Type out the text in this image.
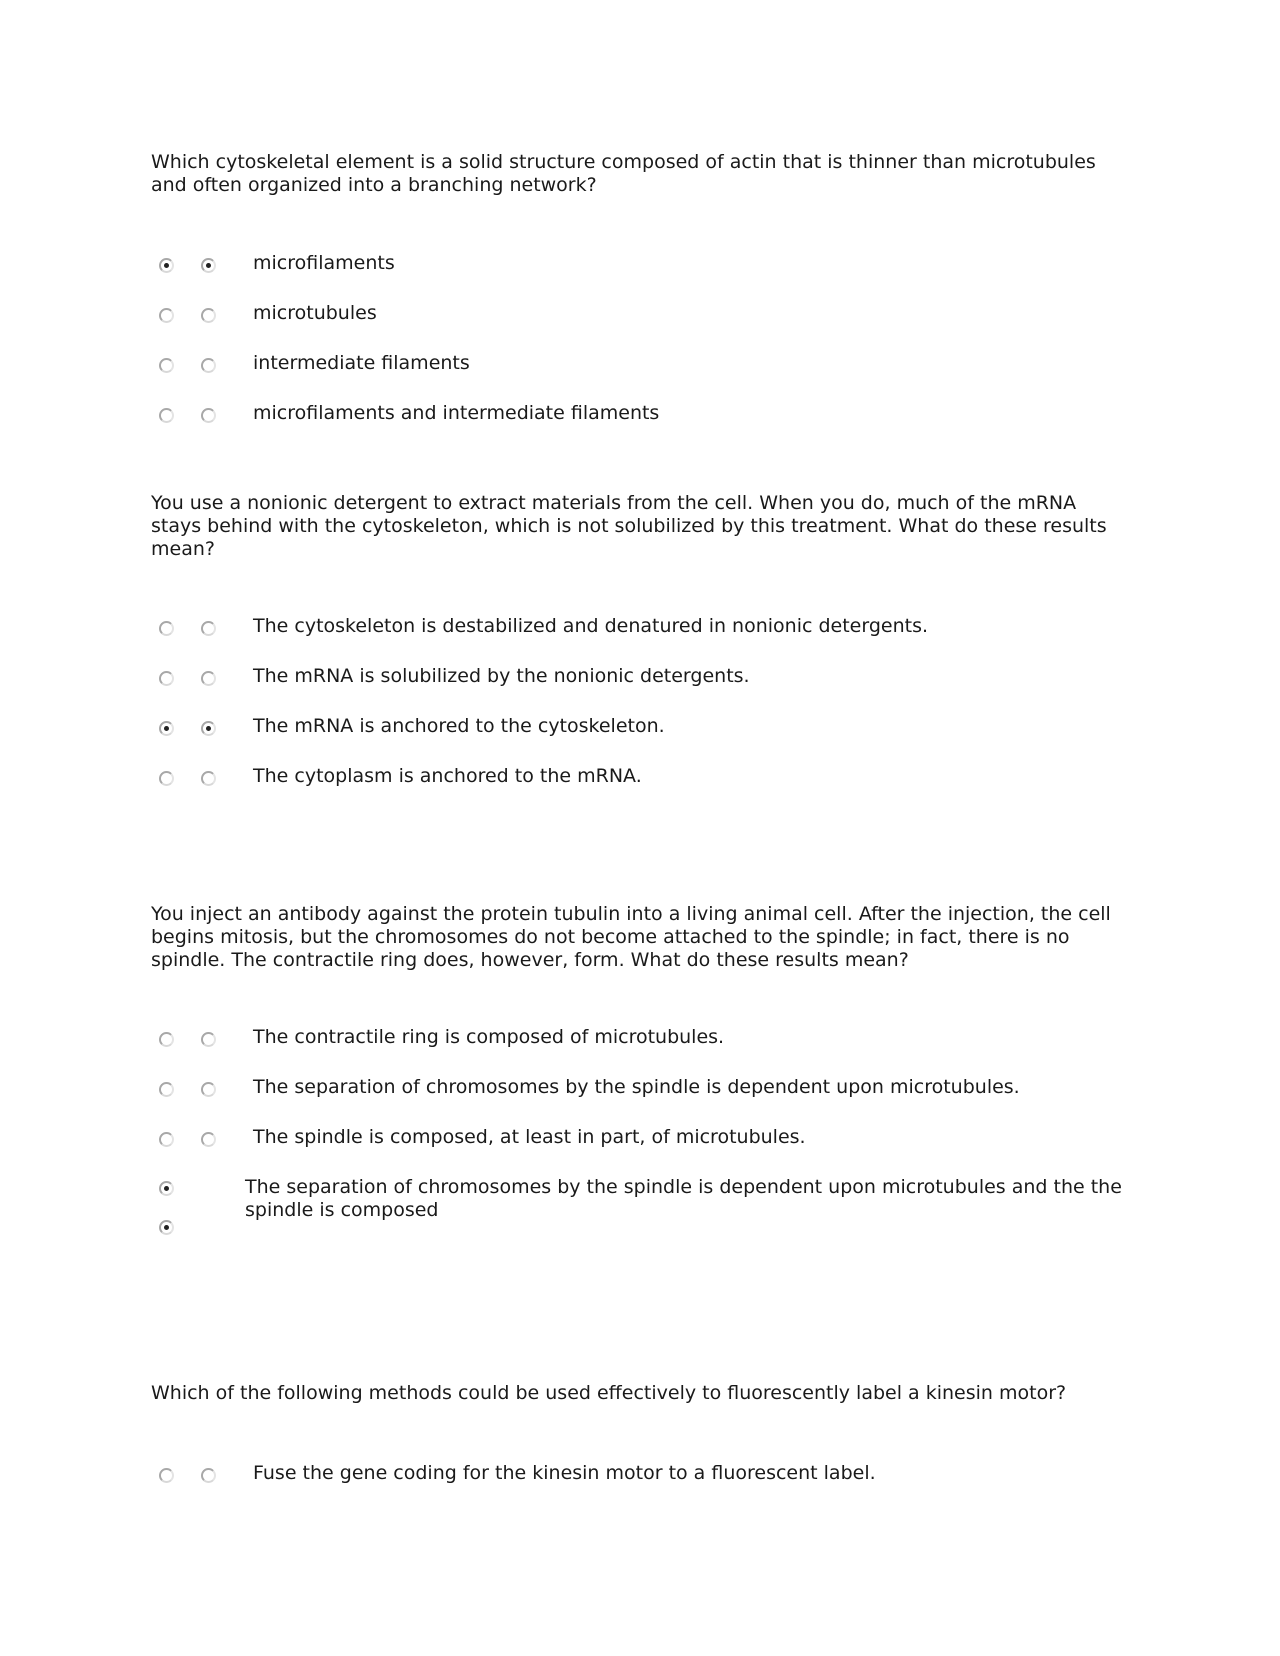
Which cytoskeletal element is a solid structure composed of actin that is thinner than microtubules and often organized into a branching network?

microfilaments
microtubules
intermediate filaments
microfilaments and intermediate filaments

You use a nonionic detergent to extract materials from the cell. When you do, much of the mRNA stays behind with the cytoskeleton, which is not solubilized by this treatment. What do these results mean?

The cytoskeleton is destabilized and denatured in nonionic detergents.
The mRNA is solubilized by the nonionic detergents.
The mRNA is anchored to the cytoskeleton.
The cytoplasm is anchored to the mRNA.

You inject an antibody against the protein tubulin into a living animal cell. After the injection, the cell begins mitosis, but the chromosomes do not become attached to the spindle; in fact, there is no spindle. The contractile ring does, however, form. What do these results mean?

The contractile ring is composed of microtubules.
The separation of chromosomes by the spindle is dependent upon microtubules.
The spindle is composed, at least in part, of microtubules.
The separation of chromosomes by the spindle is dependent upon microtubules and the the spindle is composed

Which of the following methods could be used effectively to fluorescently label a kinesin motor?

Fuse the gene coding for the kinesin motor to a fluorescent label.
